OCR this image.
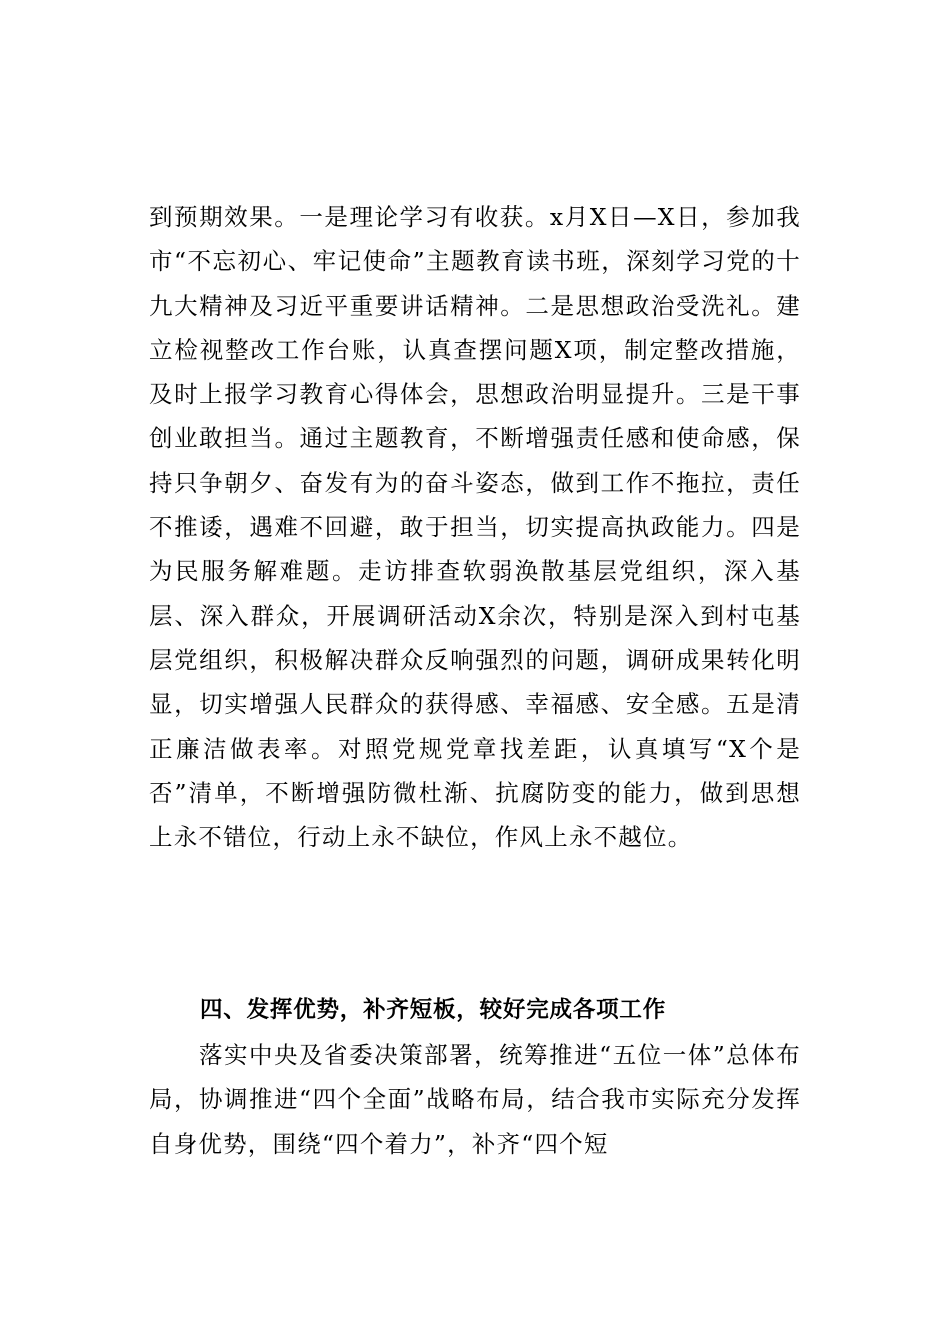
到预期效果。一是理论学习有收获。x月X日—X日，参加我市“不忘初心、牢记使命”主题教育读书班，深刻学习党的十九大精神及习近平重要讲话精神。二是思想政治受洗礼。建立检视整改工作台账，认真查摆问题X项，制定整改措施，及时上报学习教育心得体会，思想政治明显提升。三是干事创业敢担当。通过主题教育，不断增强责任感和使命感，保持只争朝夕、奋发有为的奋斗姿态，做到工作不拖拉，责任不推诿，遇难不回避，敢于担当，切实提高执政能力。四是为民服务解难题。走访排查软弱涣散基层党组织，深入基层、深入群众，开展调研活动X余次，特别是深入到村屯基层党组织，积极解决群众反响强烈的问题，调研成果转化明显，切实增强人民群众的获得感、幸福感、安全感。五是清正廉洁做表率。对照党规党章找差距，认真填写“X个是否”清单，不断增强防微杜渐、抗腐防变的能力，做到思想上永不错位，行动上永不缺位，作风上永不越位。

四、发挥优势，补齐短板，较好完成各项工作

落实中央及省委决策部署，统筹推进“五位一体”总体布局，协调推进“四个全面”战略布局，结合我市实际充分发挥自身优势，围绕“四个着力”，补齐“四个短
